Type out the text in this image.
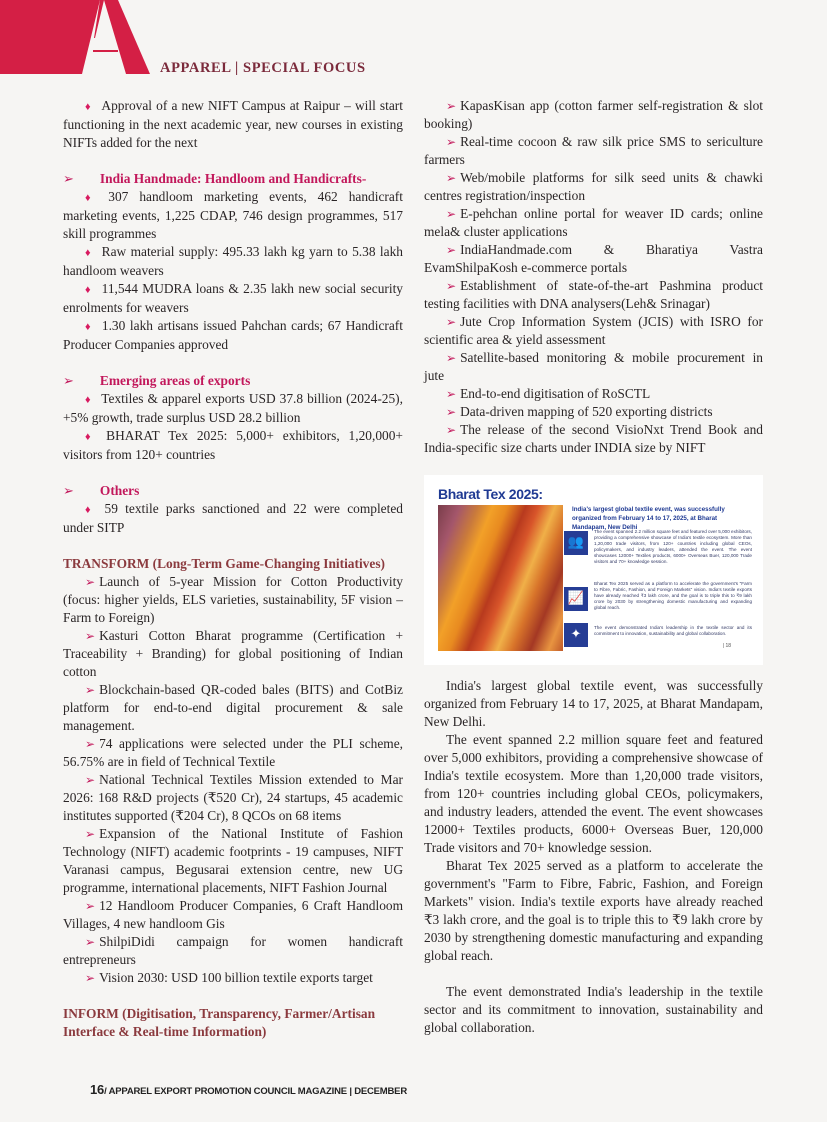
APPAREL | SPECIAL FOCUS

♦ Approval of a new NIFT Campus at Raipur – will start functioning in the next academic year, new courses in existing NIFTs added for the next

➢ India Handmade: Handloom and Handicrafts-

♦ 307 handloom marketing events, 462 handicraft marketing events, 1,225 CDAP, 746 design programmes, 517 skill programmes

♦ Raw material supply: 495.33 lakh kg yarn to 5.38 lakh handloom weavers

♦ 11,544 MUDRA loans & 2.35 lakh new social security enrolments for weavers

♦ 1.30 lakh artisans issued Pahchan cards; 67 Handicraft Producer Companies approved

➢ Emerging areas of exports

♦ Textiles & apparel exports USD 37.8 billion (2024-25), +5% growth, trade surplus USD 28.2 billion

♦ BHARAT Tex 2025: 5,000+ exhibitors, 1,20,000+ visitors from 120+ countries

➢ Others

♦ 59 textile parks sanctioned and 22 were completed under SITP

TRANSFORM (Long-Term Game-Changing Initiatives)

➢ Launch of 5-year Mission for Cotton Productivity (focus: higher yields, ELS varieties, sustainability, 5F vision – Farm to Foreign)

➢ Kasturi Cotton Bharat programme (Certification + Traceability + Branding) for global positioning of Indian cotton

➢ Blockchain-based QR-coded bales (BITS) and CotBiz platform for end-to-end digital procurement & sale management.

➢ 74 applications were selected under the PLI scheme, 56.75% are in field of Technical Textile

➢ National Technical Textiles Mission extended to Mar 2026: 168 R&D projects (₹520 Cr), 24 startups, 45 academic institutes supported (₹204 Cr), 8 QCOs on 68 items

➢ Expansion of the National Institute of Fashion Technology (NIFT) academic footprints - 19 campuses, NIFT Varanasi campus, Begusarai extension centre, new UG programme, international placements, NIFT Fashion Journal

➢ 12 Handloom Producer Companies, 6 Craft Handloom Villages, 4 new handloom Gis

➢ ShilpiDidi campaign for women handicraft entrepreneurs

➢ Vision 2030: USD 100 billion textile exports target

INFORM (Digitisation, Transparency, Farmer/Artisan Interface & Real-time Information)

➢ KapasKisan app (cotton farmer self-registration & slot booking)

➢ Real-time cocoon & raw silk price SMS to sericulture farmers

➢ Web/mobile platforms for silk seed units & chawki centres registration/inspection

➢ E-pehchan online portal for weaver ID cards; online mela& cluster applications

➢ IndiaHandmade.com & Bharatiya Vastra EvamShilpaKosh e-commerce portals

➢ Establishment of state-of-the-art Pashmina product testing facilities with DNA analysers(Leh& Srinagar)

➢ Jute Crop Information System (JCIS) with ISRO for scientific area & yield assessment

➢ Satellite-based monitoring & mobile procurement in jute

➢ End-to-end digitisation of RoSCTL

➢ Data-driven mapping of 520 exporting districts

➢ The release of the second VisioNxt Trend Book and India-specific size charts under INDIA size by NIFT

Bharat Tex 2025:
India's largest global textile event, was successfully organized from February 14 to 17, 2025, at Bharat Mandapam, New Delhi
👥
The event spanned 2.2 million square feet and featured over 5,000 exhibitors, providing a comprehensive showcase of India's textile ecosystem. More than 1,20,000 trade visitors, from 120+ countries including global CEOs, policymakers, and industry leaders, attended the event. The event showcases 12000+ Textiles products, 6000+ Overseas Buer, 120,000 Trade visitors and 70+ knowledge session.
📈
Bharat Tex 2025 served as a platform to accelerate the government's "Farm to Fibre, Fabric, Fashion, and Foreign Markets" vision. India's textile exports have already reached ₹3 lakh crore, and the goal is to triple this to ₹9 lakh crore by 2030 by strengthening domestic manufacturing and expanding global reach.
✦	The event demonstrated India's leadership in the textile sector and its commitment to innovation, sustainability and global collaboration.
| 18

India's largest global textile event, was successfully organized from February 14 to 17, 2025, at Bharat Mandapam, New Delhi.

The event spanned 2.2 million square feet and featured over 5,000 exhibitors, providing a comprehensive showcase of India's textile ecosystem. More than 1,20,000 trade visitors, from 120+ countries including global CEOs, policymakers, and industry leaders, attended the event. The event showcases 12000+ Textiles products, 6000+ Overseas Buer, 120,000 Trade visitors and 70+ knowledge session.

Bharat Tex 2025 served as a platform to accelerate the government's "Farm to Fibre, Fabric, Fashion, and Foreign Markets" vision. India's textile exports have already reached ₹3 lakh crore, and the goal is to triple this to ₹9 lakh crore by 2030 by strengthening domestic manufacturing and expanding global reach.

The event demonstrated India's leadership in the textile sector and its commitment to innovation, sustainability and global collaboration.

16/ APPAREL EXPORT PROMOTION COUNCIL MAGAZINE | DECEMBER
